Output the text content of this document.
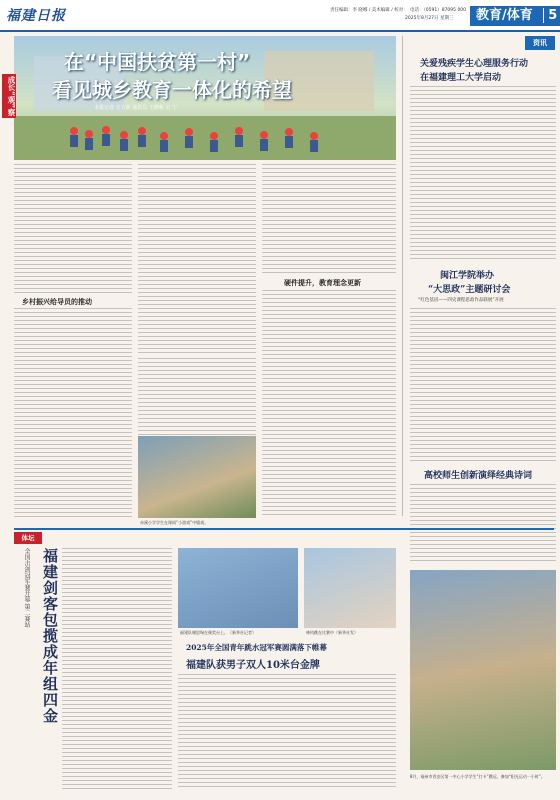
福建日报	责任编辑：李 晓娜 / 美术编辑 / 校对： 电话：（0591）87095 000
2025年8月27日 星期三	教育/体育 5
在“中国扶贫第一村”
看见城乡教育一体化的希望
本报记者 方方新 通讯员 王晓莉 吴 宁
成长“观”察
乡村振兴给导员的推动
硬件提升，教育理念更新
赤溪小学学生在课间“小游戏”中嬉戏。
资讯
关爱残疾学生心理服务行动
在福建理工大学启动
闽江学院举办
“大思政”主题研讨会
“红色基因——四史课程思政作品联展”开展
高校师生创新演绎经典诗词
体坛
福建剑客包揽成年组四金
全国击剑冠军赛开幕 第二赛站
福建队谢思埸在颁奖台上。（新华社记者）	林钧跳在比赛中（新华社发）
2025年全国青年跳水冠军赛圆满落下帷幕
福建队获男子双人10米台金牌
8月，福州市晋安区第一中心小学学生“打卡”跳远，参加“阳光运动一小时”。
